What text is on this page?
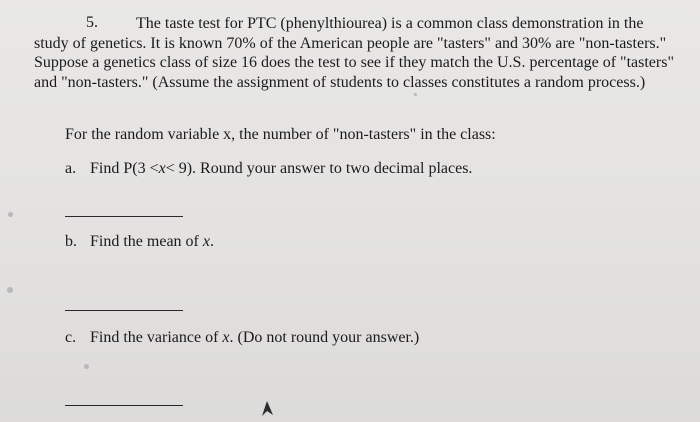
5.	The taste test for PTC (phenylthiourea) is a common class demonstration in the study of genetics. It is known 70% of the American people are "tasters" and 30% are "non-tasters." Suppose a genetics class of size 16 does the test to see if they match the U.S. percentage of "tasters" and "non-tasters." (Assume the assignment of students to classes constitutes a random process.)

For the random variable x, the number of "non-tasters" in the class:

a. Find P(3 <x< 9). Round your answer to two decimal places.

b. Find the mean of x.

c. Find the variance of x. (Do not round your answer.)
